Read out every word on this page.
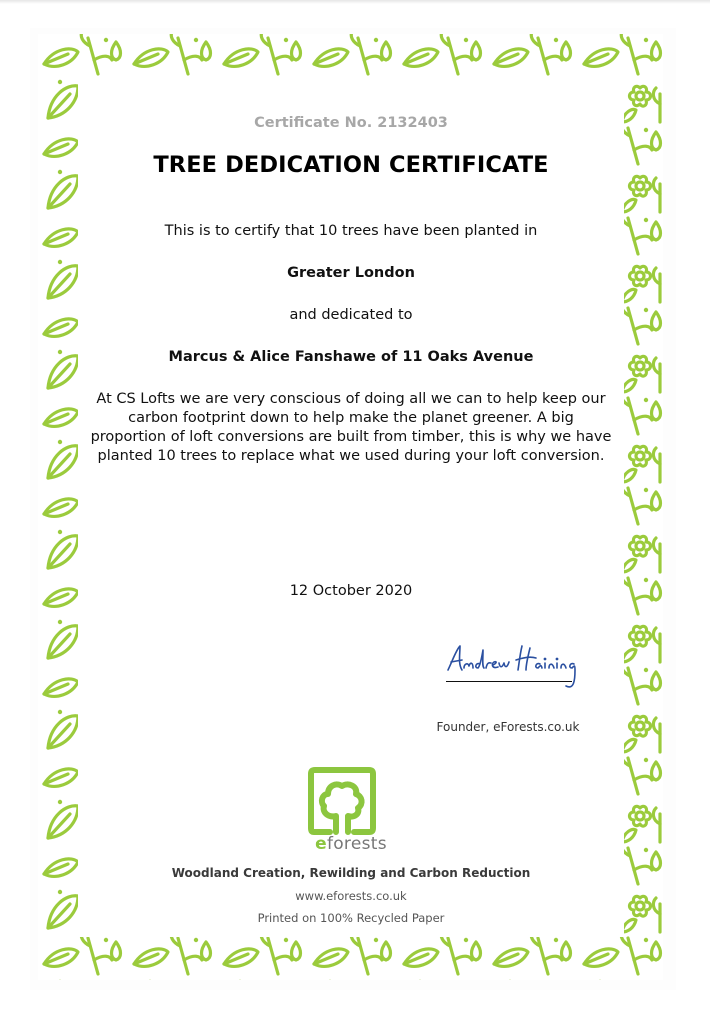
Certificate No. 2132403
TREE DEDICATION CERTIFICATE
This is to certify that 10 trees have been planted in
Greater London
and dedicated to
Marcus & Alice Fanshawe of 11 Oaks Avenue
At CS Lofts we are very conscious of doing all we can to help keep our carbon footprint down to help make the planet greener. A big proportion of loft conversions are built from timber, this is why we have planted 10 trees to replace what we used during your loft conversion.
12 October 2020
Founder, eForests.co.uk
eforests
Woodland Creation, Rewilding and Carbon Reduction
www.eforests.co.uk
Printed on 100% Recycled Paper
